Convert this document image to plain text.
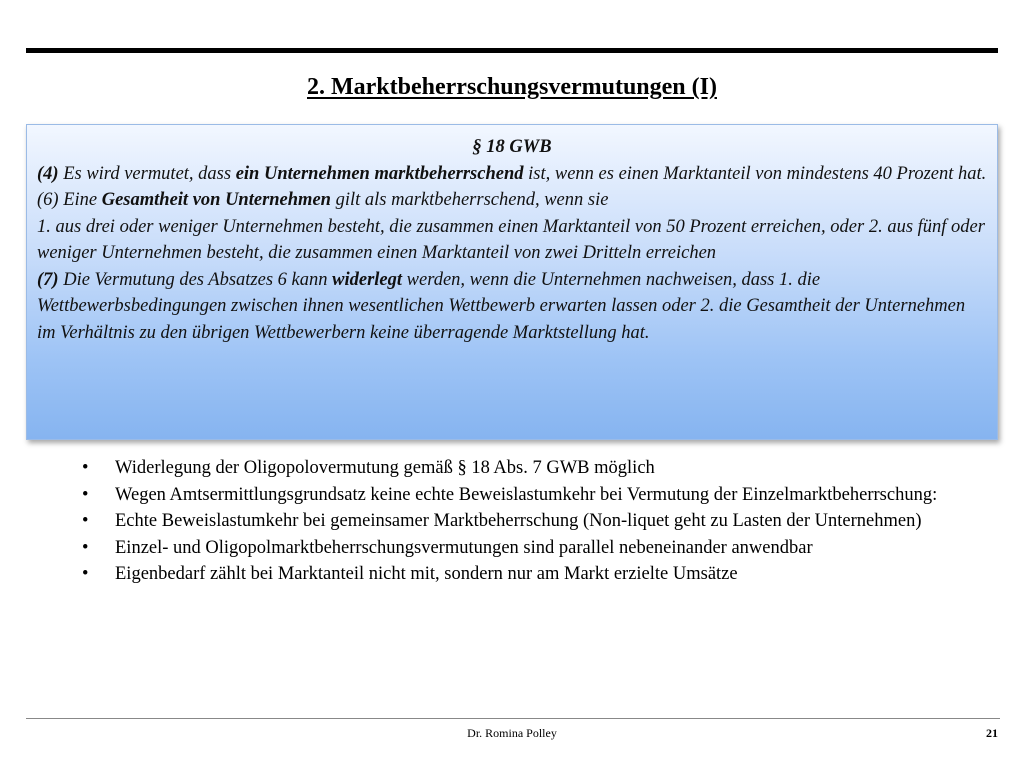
2. Marktbeherrschungsvermutungen (I)
§ 18 GWB

(4) Es wird vermutet, dass ein Unternehmen marktbeherrschend ist, wenn es einen Marktanteil von mindestens 40 Prozent hat.

(6) Eine Gesamtheit von Unternehmen gilt als marktbeherrschend, wenn sie

1. aus drei oder weniger Unternehmen besteht, die zusammen einen Marktanteil von 50 Prozent erreichen, oder 2. aus fünf oder weniger Unternehmen besteht, die zusammen einen Marktanteil von zwei Dritteln erreichen

(7) Die Vermutung des Absatzes 6 kann widerlegt werden, wenn die Unternehmen nachweisen, dass 1. die Wettbewerbsbedingungen zwischen ihnen wesentlichen Wettbewerb erwarten lassen oder 2. die Gesamtheit der Unternehmen im Verhältnis zu den übrigen Wettbewerbern keine überragende Marktstellung hat.

• Widerlegung der Oligopolovermutung gemäß § 18 Abs. 7 GWB möglich
• Wegen Amtsermittlungsgrundsatz keine echte Beweislastumkehr bei Vermutung der Einzelmarktbeherrschung:
• Echte Beweislastumkehr bei gemeinsamer Marktbeherrschung (Non-liquet geht zu Lasten der Unternehmen)
• Einzel- und Oligopolmarktbeherrschungsvermutungen sind parallel nebeneinander anwendbar
• Eigenbedarf zählt bei Marktanteil nicht mit, sondern nur am Markt erzielte Umsätze
Dr. Romina Polley	21
